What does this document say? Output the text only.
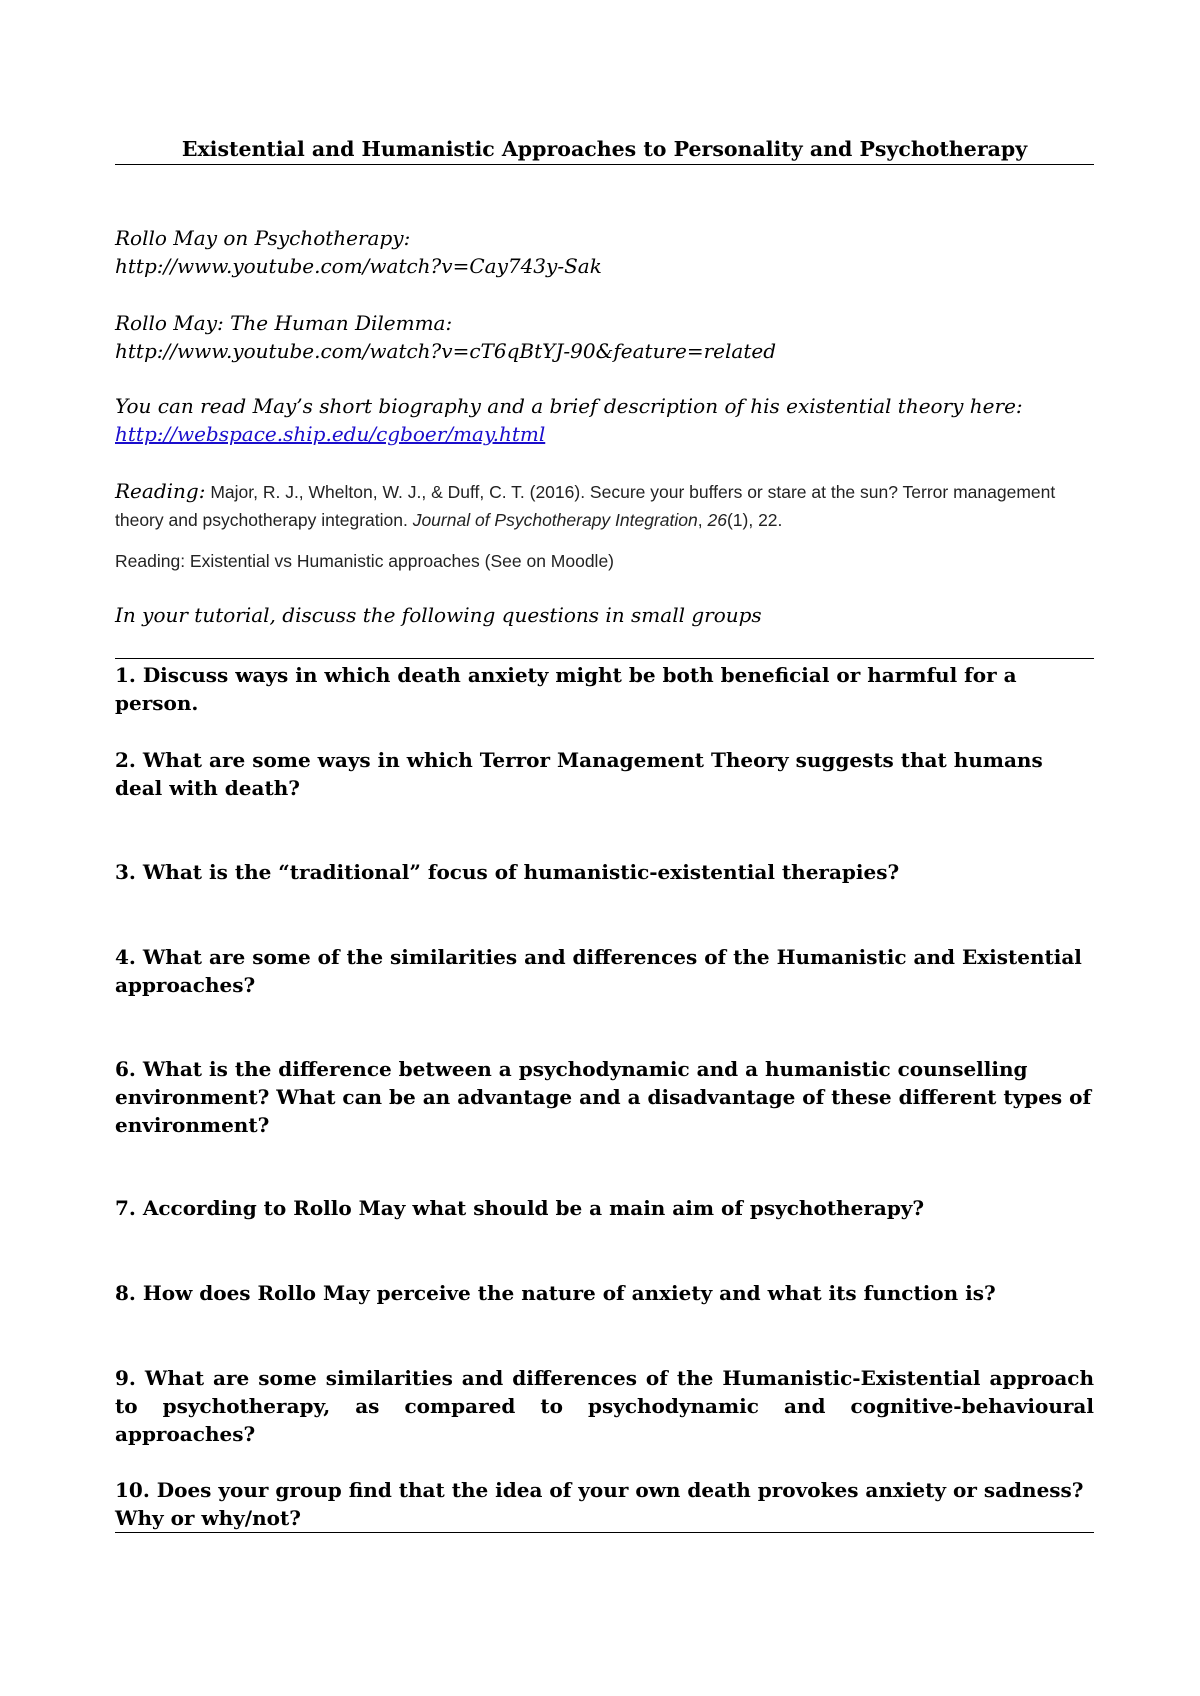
Existential and Humanistic Approaches to Personality and Psychotherapy
Rollo May on Psychotherapy:
http://www.youtube.com/watch?v=Cay743y-Sak
Rollo May: The Human Dilemma:
http://www.youtube.com/watch?v=cT6qBtYJ-90&feature=related
You can read May’s short biography and a brief description of his existential theory here:
http://webspace.ship.edu/cgboer/may.html
Reading: Major, R. J., Whelton, W. J., & Duff, C. T. (2016). Secure your buffers or stare at the sun? Terror management theory and psychotherapy integration. Journal of Psychotherapy Integration, 26(1), 22.
Reading: Existential vs Humanistic approaches (See on Moodle)
In your tutorial, discuss the following questions in small groups
1. Discuss ways in which death anxiety might be both beneficial or harmful for a person.
2. What are some ways in which Terror Management Theory suggests that humans deal with death?
3. What is the “traditional” focus of humanistic-existential therapies?
4. What are some of the similarities and differences of the Humanistic and Existential approaches?
6. What is the difference between a psychodynamic and a humanistic counselling environment? What can be an advantage and a disadvantage of these different types of environment?
7. According to Rollo May what should be a main aim of psychotherapy?
8. How does Rollo May perceive the nature of anxiety and what its function is?
9. What are some similarities and differences of the Humanistic-Existential approach to psychotherapy, as compared to psychodynamic and cognitive-behavioural approaches?
10. Does your group find that the idea of your own death provokes anxiety or sadness? Why or why/not?
